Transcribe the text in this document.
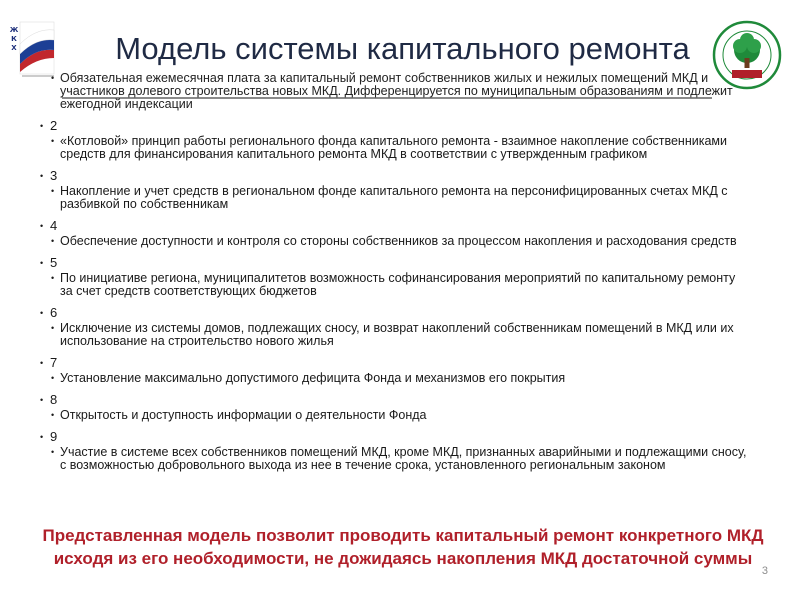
Ж
К
Х	Модель системы капитального ремонта
• Обязательная ежемесячная плата за капитальный ремонт собственников жилых и нежилых помещений МКД и участников долевого строительства новых МКД. Дифференцируется по муниципальным образованиям и подлежит ежегодной индексации
• 2
• «Котловой» принцип работы регионального фонда капитального ремонта - взаимное накопление собственниками средств для финансирования капитального ремонта МКД в соответствии с утвержденным графиком
• 3
• Накопление и учет средств в региональном фонде капитального ремонта на персонифицированных счетах МКД с разбивкой по собственникам
• 4
• Обеспечение доступности и контроля со стороны собственников за процессом накопления и расходования средств
• 5
• По инициативе региона, муниципалитетов возможность софинансирования мероприятий по капитальному ремонту за счет средств соответствующих бюджетов
• 6
• Исключение из системы домов, подлежащих сносу, и возврат накоплений собственникам помещений в МКД или их использование на строительство нового жилья
• 7
• Установление максимально допустимого дефицита Фонда и механизмов его покрытия
• 8
• Открытость и доступность информации о деятельности Фонда
• 9
• Участие в системе всех собственников помещений МКД, кроме МКД, признанных аварийными и подлежащими сносу, с возможностью добровольного выхода из нее в течение срока, установленного региональным законом
Представленная модель позволит проводить капитальный ремонт конкретного МКД исходя из его необходимости, не дожидаясь накопления МКД достаточной суммы
3
